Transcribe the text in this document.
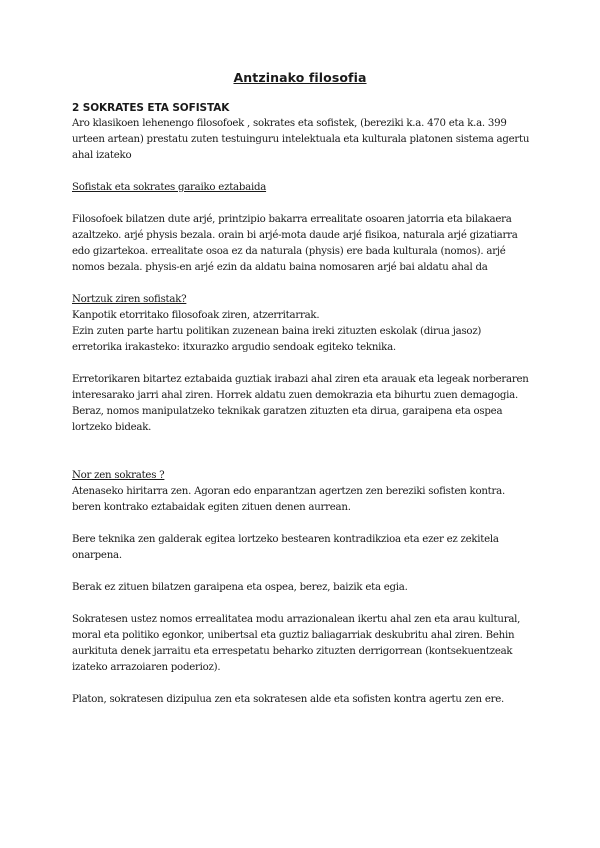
Antzinako filosofia
2 SOKRATES ETA SOFISTAK
Aro klasikoen lehenengo filosofoek , sokrates eta sofistek, (bereziki k.a. 470 eta k.a. 399
urteen artean) prestatu zuten testuinguru intelektuala eta kulturala platonen sistema agertu
ahal izateko
Sofistak eta sokrates garaiko eztabaida
Filosofoek bilatzen dute arjé, printzipio bakarra errealitate osoaren jatorria eta bilakaera
azaltzeko. arjé physis bezala. orain bi arjé-mota daude arjé fisikoa, naturala arjé gizatiarra
edo gizartekoa. errealitate osoa ez da naturala (physis) ere bada kulturala (nomos). arjé
nomos bezala. physis-en arjé ezin da aldatu baina nomosaren arjé bai aldatu ahal da
Nortzuk ziren sofistak?
Kanpotik etorritako filosofoak ziren, atzerritarrak.
Ezin zuten parte hartu politikan zuzenean baina ireki zituzten eskolak (dirua jasoz)
erretorika irakasteko: itxurazko argudio sendoak egiteko teknika.
Erretorikaren bitartez eztabaida guztiak irabazi ahal ziren eta arauak eta legeak norberaren
interesarako jarri ahal ziren. Horrek aldatu zuen demokrazia eta bihurtu zuen demagogia.
Beraz, nomos manipulatzeko teknikak garatzen zituzten eta dirua, garaipena eta ospea
lortzeko bideak.
Nor zen sokrates ?
Atenaseko hiritarra zen. Agoran edo enparantzan agertzen zen bereziki sofisten kontra.
beren kontrako eztabaidak egiten zituen denen aurrean.
Bere teknika zen galderak egitea lortzeko bestearen kontradikzioa eta ezer ez zekitela
onarpena.
Berak ez zituen bilatzen garaipena eta ospea, berez, baizik eta egia.
Sokratesen ustez nomos errealitatea modu arrazionalean ikertu ahal zen eta arau kultural,
moral eta politiko egonkor, unibertsal eta guztiz baliagarriak deskubritu ahal ziren. Behin
aurkituta denek jarraitu eta errespetatu beharko zituzten derrigorrean (kontsekuentzeak
izateko arrazoiaren poderioz).
Platon, sokratesen dizipulua zen eta sokratesen alde eta sofisten kontra agertu zen ere.
